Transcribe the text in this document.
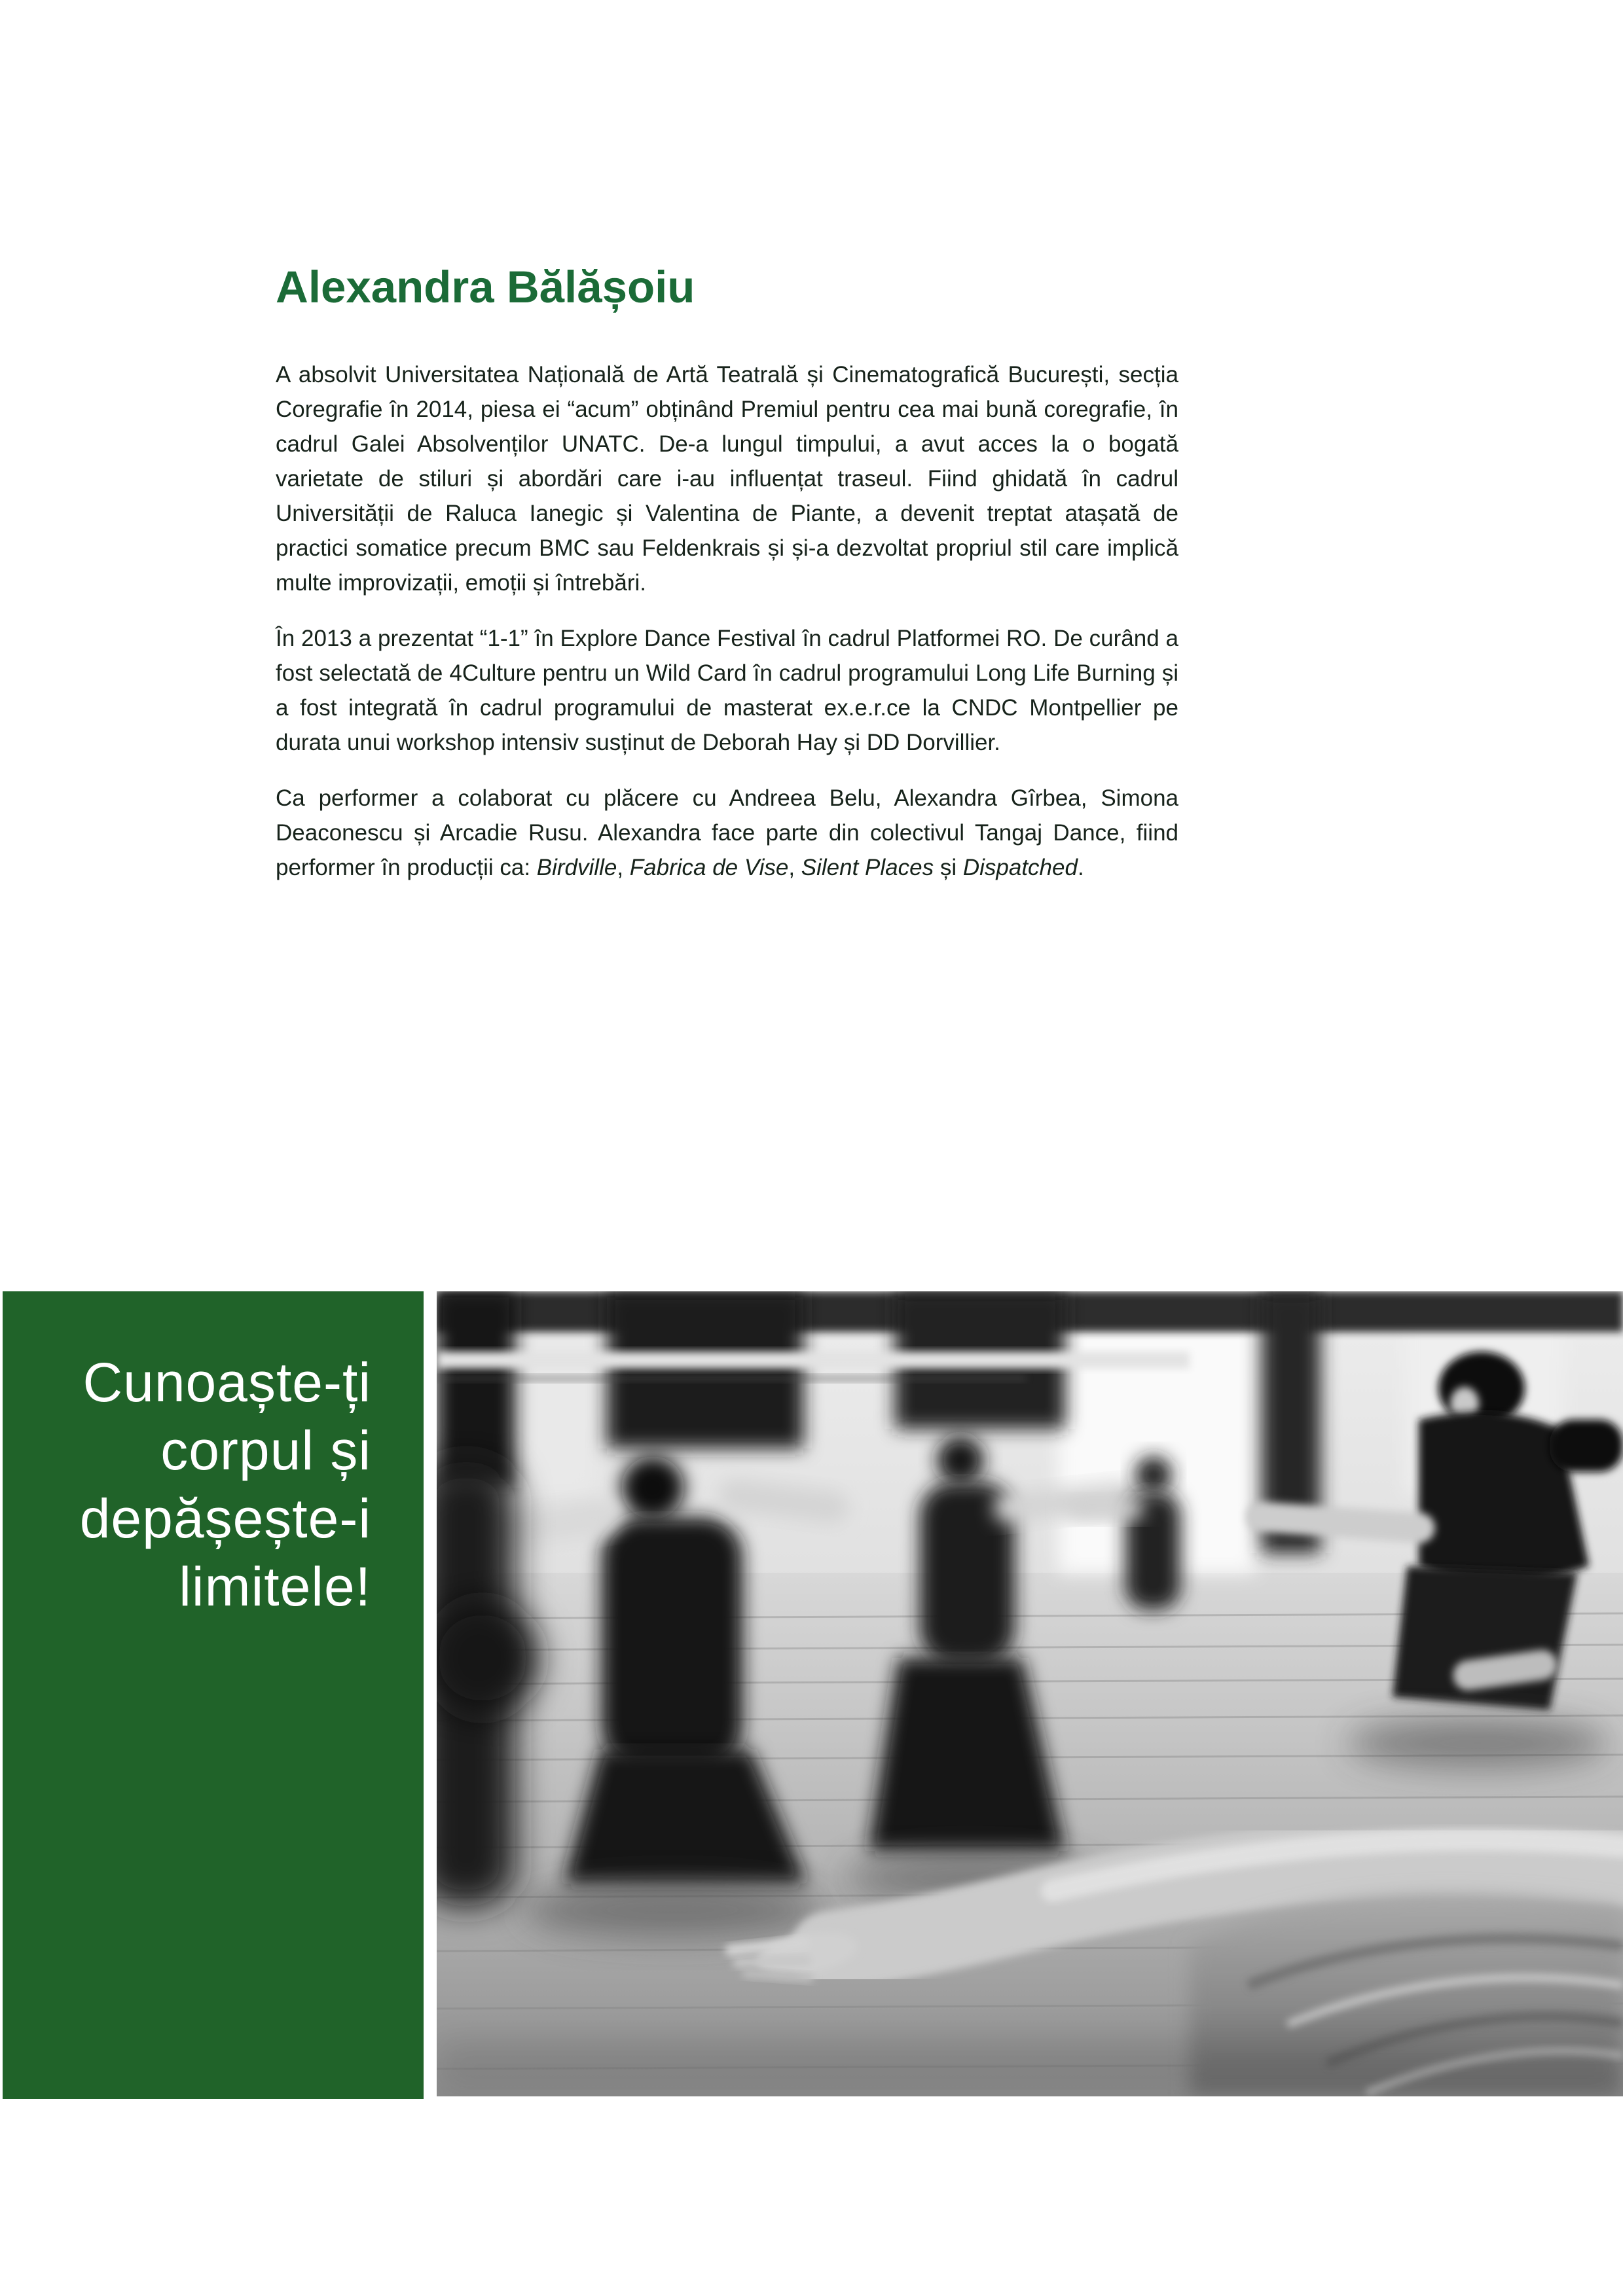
Alexandra Bălășoiu

A absolvit Universitatea Națională de Artă Teatrală și Cinematografică București, secția Coregrafie în 2014, piesa ei “acum” obținând Premiul pentru cea mai bună coregrafie, în cadrul Galei Absolvenților UNATC. De-a lungul timpului, a avut acces la o bogată varietate de stiluri și abordări care i-au influențat traseul. Fiind ghidată în cadrul Universității de Raluca Ianegic și Valentina de Piante, a devenit treptat atașată de practici somatice precum BMC sau Feldenkrais și și-a dezvoltat propriul stil care implică multe improvizații, emoții și întrebări.

În 2013 a prezentat “1-1” în Explore Dance Festival în cadrul Platformei RO. De curând a fost selectată de 4Culture pentru un Wild Card în cadrul programului Long Life Burning și a fost integrată în cadrul programului de masterat ex.e.r.ce la CNDC Montpellier pe durata unui workshop intensiv susținut de Deborah Hay și DD Dorvillier.

Ca performer a colaborat cu plăcere cu Andreea Belu, Alexandra Gîrbea, Simona Deaconescu și Arcadie Rusu. Alexandra face parte din colectivul Tangaj Dance, fiind performer în producții ca: Birdville, Fabrica de Vise, Silent Places și Dispatched.

Cunoaște-ți
corpul și
depășește-i
limitele!
